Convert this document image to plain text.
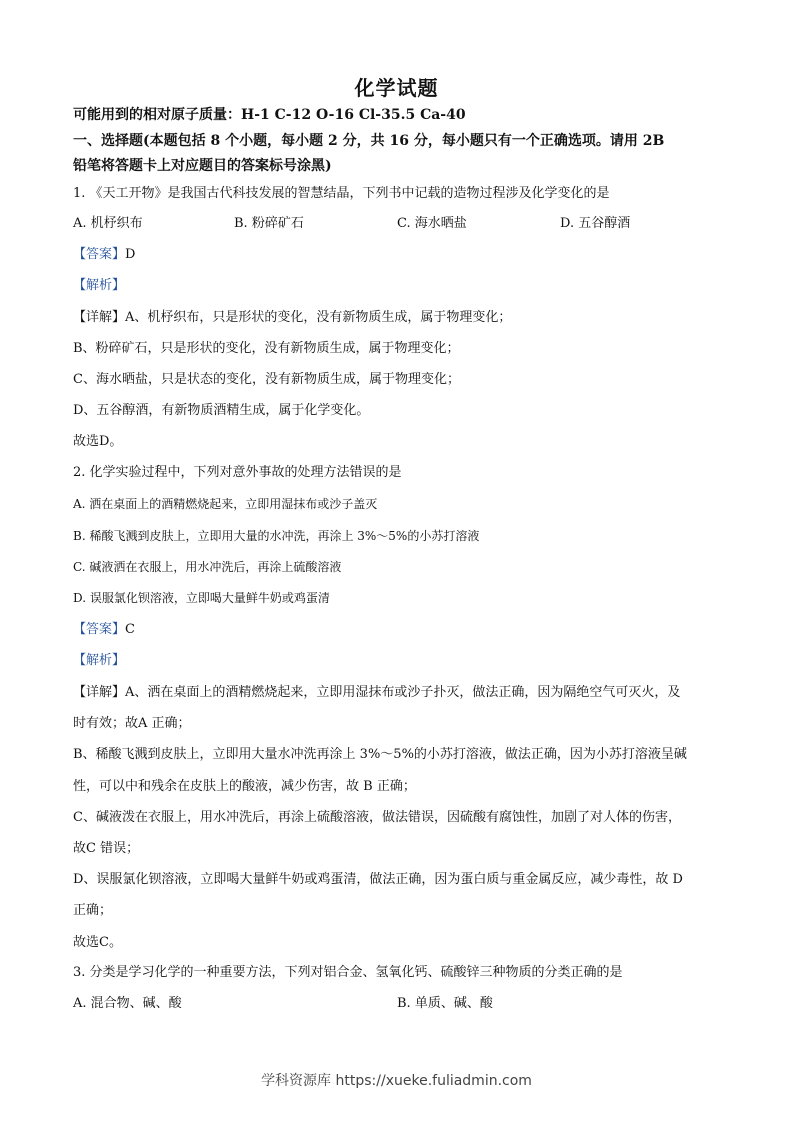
化学试题
可能用到的相对原子质量：H-1 C-12 O-16 Cl-35.5 Ca-40
一、选择题(本题包括 8 个小题，每小题 2 分，共 16 分，每小题只有一个正确选项。请用 2B
铅笔将答题卡上对应题目的答案标号涂黑)
1. 《天工开物》是我国古代科技发展的智慧结晶，下列书中记载的造物过程涉及化学变化的是
A. 机杼织布	B. 粉碎矿石	C. 海水晒盐	D. 五谷醇酒
【答案】D
【解析】
【详解】A、机杼织布，只是形状的变化，没有新物质生成，属于物理变化；
B、粉碎矿石，只是形状的变化，没有新物质生成，属于物理变化；
C、海水晒盐，只是状态的变化，没有新物质生成，属于物理变化；
D、五谷醇酒，有新物质酒精生成，属于化学变化。
故选D。
2. 化学实验过程中，下列对意外事故的处理方法错误的是
A. 洒在桌面上的酒精燃烧起来，立即用湿抹布或沙子盖灭
B. 稀酸飞溅到皮肤上，立即用大量的水冲洗，再涂上 3%～5%的小苏打溶液
C. 碱液洒在衣服上，用水冲洗后，再涂上硫酸溶液
D. 误服氯化钡溶液，立即喝大量鲜牛奶或鸡蛋清
【答案】C
【解析】
【详解】A、洒在桌面上的酒精燃烧起来，立即用湿抹布或沙子扑灭，做法正确，因为隔绝空气可灭火，及
时有效；故A 正确；
B、稀酸飞溅到皮肤上，立即用大量水冲洗再涂上 3%～5%的小苏打溶液，做法正确，因为小苏打溶液呈碱
性，可以中和残余在皮肤上的酸液，减少伤害，故 B 正确；
C、碱液泼在衣服上，用水冲洗后，再涂上硫酸溶液，做法错误，因硫酸有腐蚀性，加剧了对人体的伤害，
故C 错误；
D、误服氯化钡溶液，立即喝大量鲜牛奶或鸡蛋清，做法正确，因为蛋白质与重金属反应，减少毒性，故 D
正确；
故选C。
3. 分类是学习化学的一种重要方法，下列对铝合金、氢氧化钙、硫酸锌三种物质的分类正确的是
A. 混合物、碱、酸	B. 单质、碱、酸
学科资源库 https://xueke.fuliadmin.com
